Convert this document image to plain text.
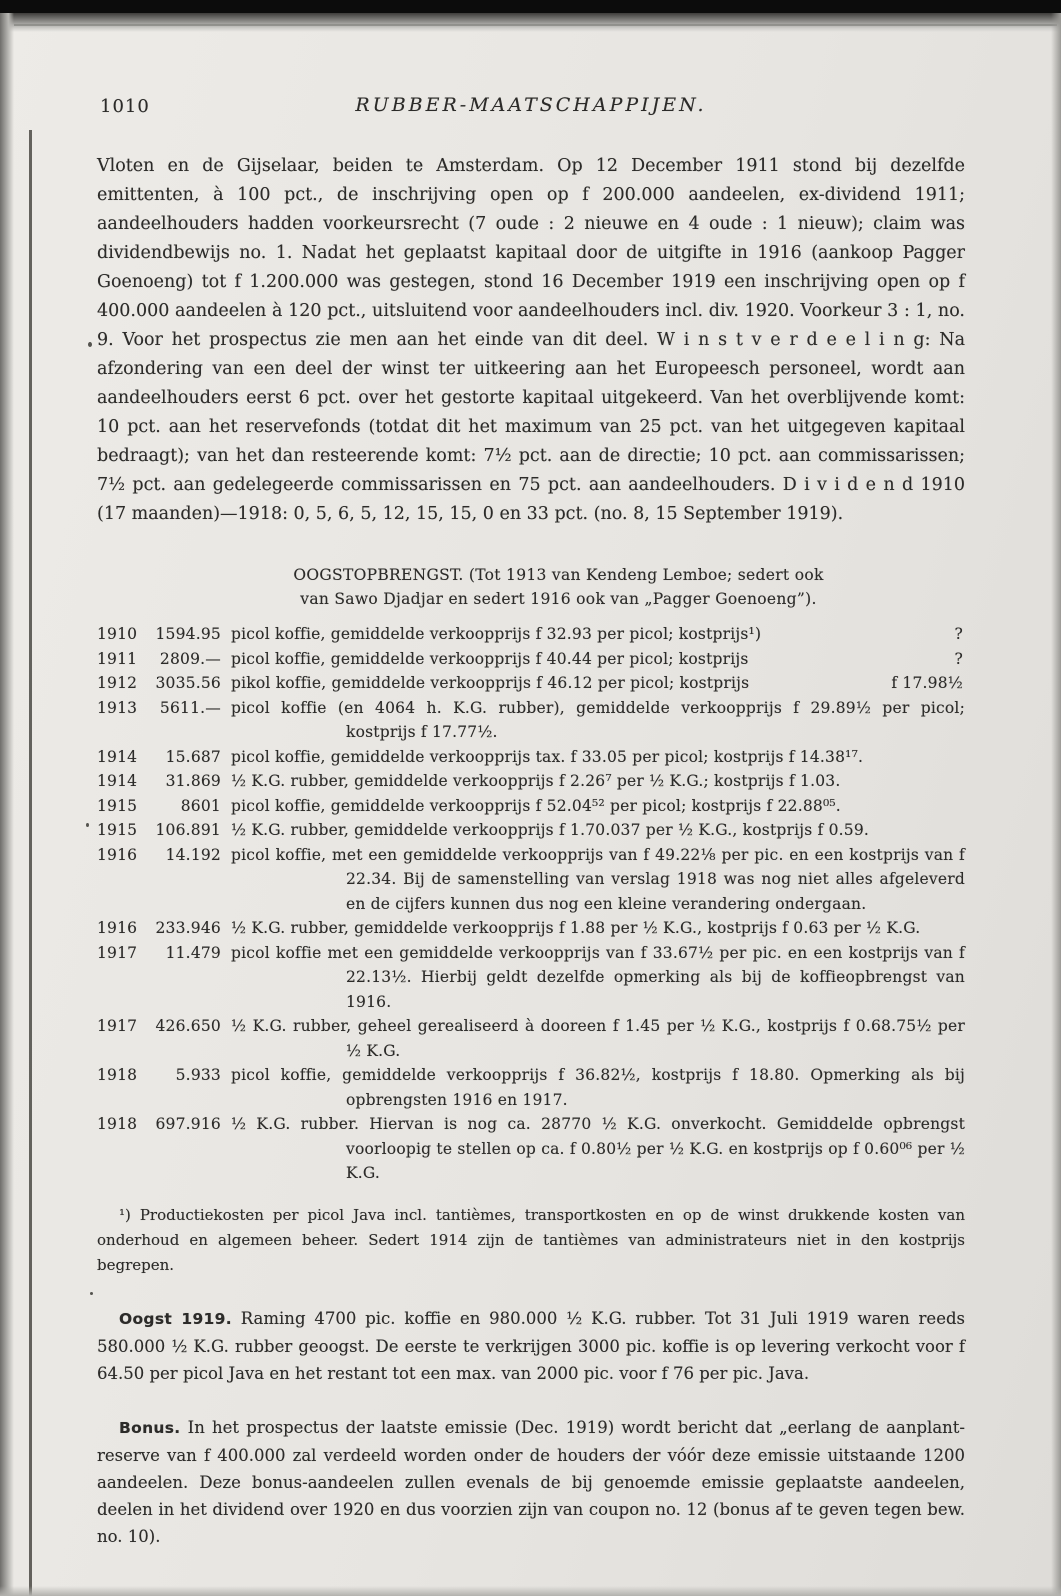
1010	RUBBER-MAATSCHAPPIJEN.

Vloten en de Gijselaar, beiden te Amsterdam. Op 12 December 1911 stond bij dezelfde emittenten, à 100 pct., de inschrijving open op f 200.000 aandeelen, ex-dividend 1911; aandeelhouders hadden voorkeursrecht (7 oude : 2 nieuwe en 4 oude : 1 nieuw); claim was dividendbewijs no. 1. Nadat het geplaatst kapitaal door de uitgifte in 1916 (aankoop Pagger Goenoeng) tot f 1.200.000 was gestegen, stond 16 December 1919 een inschrijving open op f 400.000 aandeelen à 120 pct., uitsluitend voor aandeelhouders incl. div. 1920. Voorkeur 3 : 1, no. 9. Voor het prospectus zie men aan het einde van dit deel. W i n s t v e r d e e l i n g: Na afzondering van een deel der winst ter uitkeering aan het Europeesch personeel, wordt aan aandeelhouders eerst 6 pct. over het gestorte kapitaal uitgekeerd. Van het overblijvende komt: 10 pct. aan het reservefonds (totdat dit het maximum van 25 pct. van het uitgegeven kapitaal bedraagt); van het dan resteerende komt: 7½ pct. aan de directie; 10 pct. aan commissarissen; 7½ pct. aan gedelegeerde commissarissen en 75 pct. aan aandeelhouders. D i v i d e n d 1910 (17 maanden)—1918: 0, 5, 6, 5, 12, 15, 15, 0 en 33 pct. (no. 8, 15 September 1919).

OOGSTOPBRENGST. (Tot 1913 van Kendeng Lemboe; sedert ook
van Sawo Djadjar en sedert 1916 ook van „Pagger Goenoeng”).
1910	1594.95 picol koffie, gemiddelde verkoopprijs f 32.93 per picol; kostprijs¹)	?
1911	2809.— picol koffie, gemiddelde verkoopprijs f 40.44 per picol; kostprijs	?
1912	3035.56 pikol koffie, gemiddelde verkoopprijs f 46.12 per picol; kostprijs	f 17.98½
1913	5611.— picol koffie (en 4064 h. K.G. rubber), gemiddelde verkoopprijs f 29.89½ per picol; kostprijs f 17.77½.
1914	15.687 picol koffie, gemiddelde verkoopprijs tax. f 33.05 per picol; kostprijs f 14.38¹⁷.
1914	31.869 ½ K.G. rubber, gemiddelde verkoopprijs f 2.26⁷ per ½ K.G.; kostprijs f 1.03.
1915	8601 picol koffie, gemiddelde verkoopprijs f 52.04⁵² per picol; kostprijs f 22.88⁰⁵.
1915	106.891 ½ K.G. rubber, gemiddelde verkoopprijs f 1.70.037 per ½ K.G., kostprijs f 0.59.
1916	14.192 picol koffie, met een gemiddelde verkoopprijs van f 49.22⅛ per pic. en een kostprijs van f 22.34. Bij de samenstelling van verslag 1918 was nog niet alles afgeleverd en de cijfers kunnen dus nog een kleine verandering ondergaan.
1916	233.946 ½ K.G. rubber, gemiddelde verkoopprijs f 1.88 per ½ K.G., kostprijs f 0.63 per ½ K.G.
1917	11.479 picol koffie met een gemiddelde verkoopprijs van f 33.67½ per pic. en een kostprijs van f 22.13½. Hierbij geldt dezelfde opmerking als bij de koffieopbrengst van 1916.
1917	426.650 ½ K.G. rubber, geheel gerealiseerd à dooreen f 1.45 per ½ K.G., kostprijs f 0.68.75½ per ½ K.G.
1918	5.933 picol koffie, gemiddelde verkoopprijs f 36.82½, kostprijs f 18.80. Opmerking als bij opbrengsten 1916 en 1917.
1918	697.916 ½ K.G. rubber. Hiervan is nog ca. 28770 ½ K.G. onverkocht. Gemiddelde opbrengst voorloopig te stellen op ca. f 0.80½ per ½ K.G. en kostprijs op f 0.60⁰⁶ per ½ K.G.

¹) Productiekosten per picol Java incl. tantièmes, transportkosten en op de winst drukkende kosten van onderhoud en algemeen beheer. Sedert 1914 zijn de tantièmes van administrateurs niet in den kostprijs begrepen.

Oogst 1919. Raming 4700 pic. koffie en 980.000 ½ K.G. rubber. Tot 31 Juli 1919 waren reeds 580.000 ½ K.G. rubber geoogst. De eerste te verkrijgen 3000 pic. koffie is op levering verkocht voor f 64.50 per picol Java en het restant tot een max. van 2000 pic. voor f 76 per pic. Java.

Bonus. In het prospectus der laatste emissie (Dec. 1919) wordt bericht dat „eerlang de aanplant-reserve van f 400.000 zal verdeeld worden onder de houders der vóór deze emissie uitstaande 1200 aandeelen. Deze bonus-aandeelen zullen evenals de bij genoemde emissie geplaatste aandeelen, deelen in het dividend over 1920 en dus voorzien zijn van coupon no. 12 (bonus af te geven tegen bew. no. 10).
